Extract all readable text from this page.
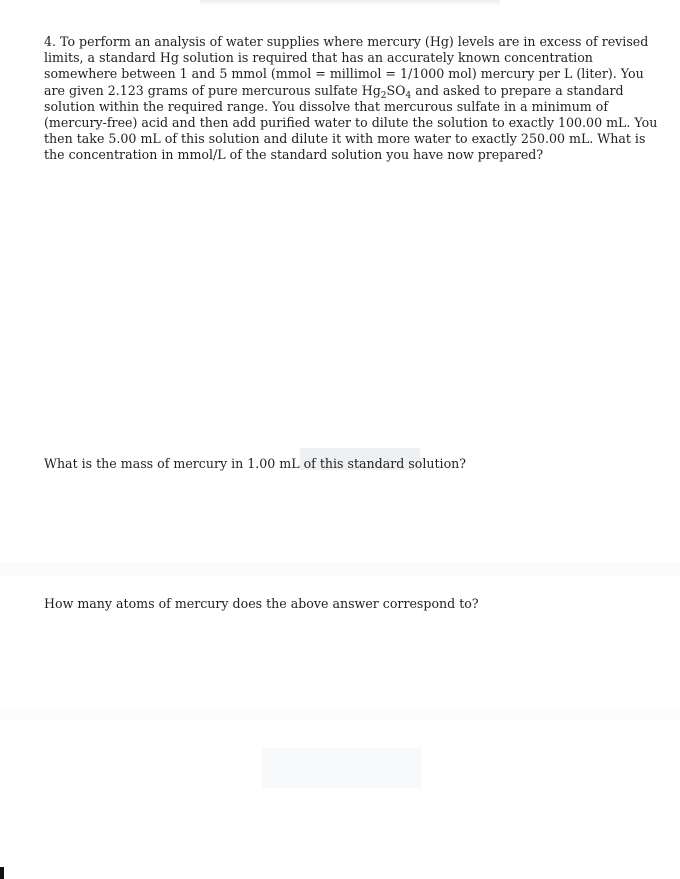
4. To perform an analysis of water supplies where mercury (Hg) levels are in excess of revised limits, a standard Hg solution is required that has an accurately known concentration somewhere between 1 and 5 mmol (mmol = millimol = 1/1000 mol) mercury per L (liter). You are given 2.123 grams of pure mercurous sulfate $Hg_2SO_4$ and asked to prepare a standard solution within the required range. You dissolve that mercurous sulfate in a minimum of (mercury-free) acid and then add purified water to dilute the solution to exactly 100.00 mL. You then take 5.00 mL of this solution and dilute it with more water to exactly 250.00 mL. What is the concentration in mmol/L of the standard solution you have now prepared?

What is the mass of mercury in 1.00 mL of this standard solution?

How many atoms of mercury does the above answer correspond to?
